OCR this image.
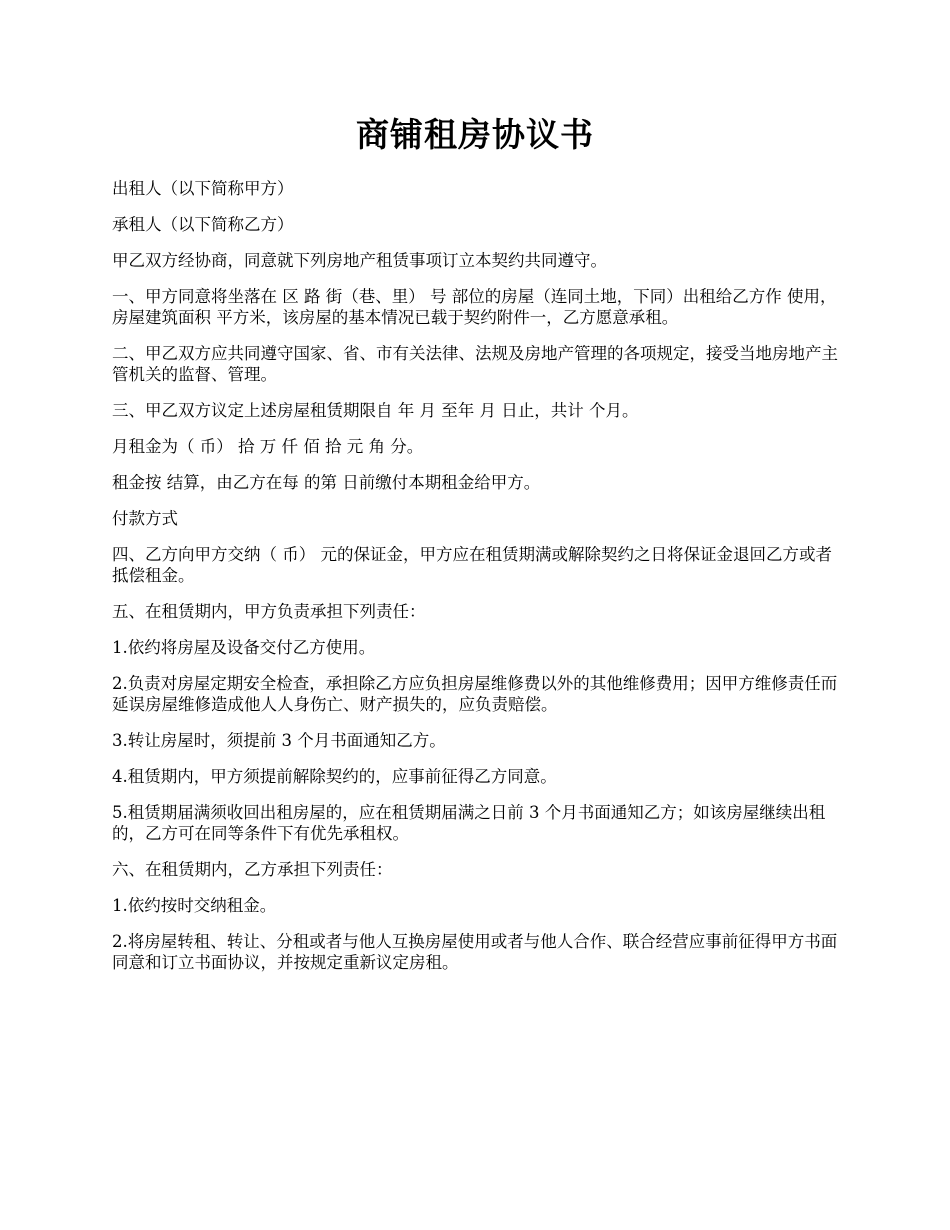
商铺租房协议书

出租人（以下简称甲方）

承租人（以下简称乙方）

甲乙双方经协商，同意就下列房地产租赁事项订立本契约共同遵守。

一、甲方同意将坐落在 区 路 街（巷、里） 号 部位的房屋（连同土地，下同）出租给乙方作 使用，房屋建筑面积 平方米，该房屋的基本情况已载于契约附件一，乙方愿意承租。

二、甲乙双方应共同遵守国家、省、市有关法律、法规及房地产管理的各项规定，接受当地房地产主管机关的监督、管理。

三、甲乙双方议定上述房屋租赁期限自 年 月 至年 月 日止，共计 个月。

月租金为（ 币） 拾 万 仟 佰 拾 元 角 分。

租金按 结算，由乙方在每 的第 日前缴付本期租金给甲方。

付款方式

四、乙方向甲方交纳（ 币） 元的保证金，甲方应在租赁期满或解除契约之日将保证金退回乙方或者抵偿租金。

五、在租赁期内，甲方负责承担下列责任：

1.依约将房屋及设备交付乙方使用。

2.负责对房屋定期安全检查，承担除乙方应负担房屋维修费以外的其他维修费用；因甲方维修责任而延误房屋维修造成他人人身伤亡、财产损失的，应负责赔偿。

3.转让房屋时，须提前 3 个月书面通知乙方。

4.租赁期内，甲方须提前解除契约的，应事前征得乙方同意。

5.租赁期届满须收回出租房屋的，应在租赁期届满之日前 3 个月书面通知乙方；如该房屋继续出租的，乙方可在同等条件下有优先承租权。

六、在租赁期内，乙方承担下列责任：

1.依约按时交纳租金。

2.将房屋转租、转让、分租或者与他人互换房屋使用或者与他人合作、联合经营应事前征得甲方书面同意和订立书面协议，并按规定重新议定房租。
